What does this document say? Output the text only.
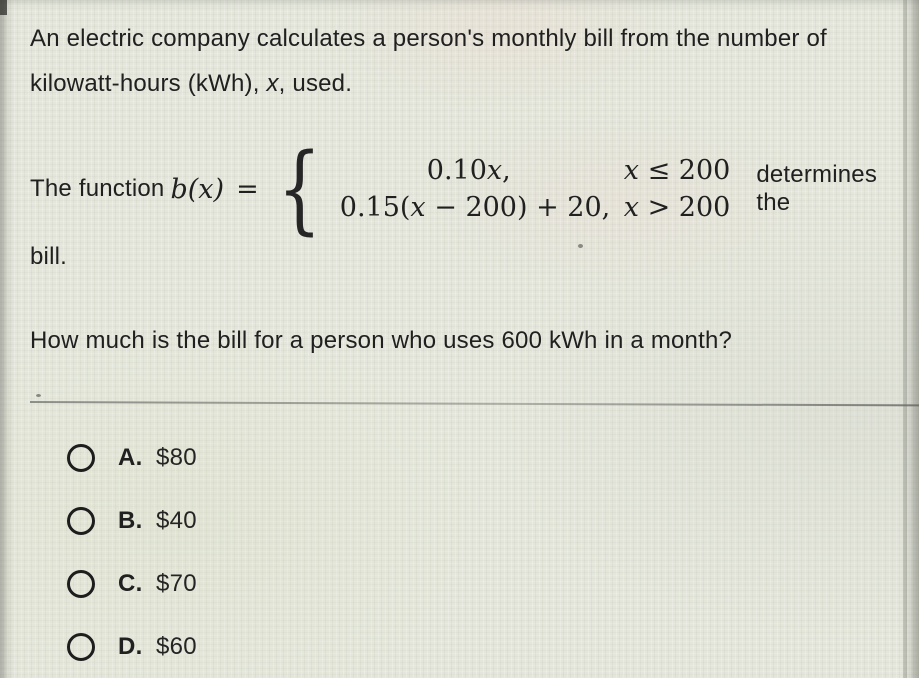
An electric company calculates a person's monthly bill from the number of kilowatt-hours (kWh), x, used.

The function b(x) = {	0.10x,	x ≤ 200
0.15(x − 200) + 20, x > 200
determines the

bill.

How much is the bill for a person who uses 600 kWh in a month?

A. $80
B. $40
C. $70
D. $60
